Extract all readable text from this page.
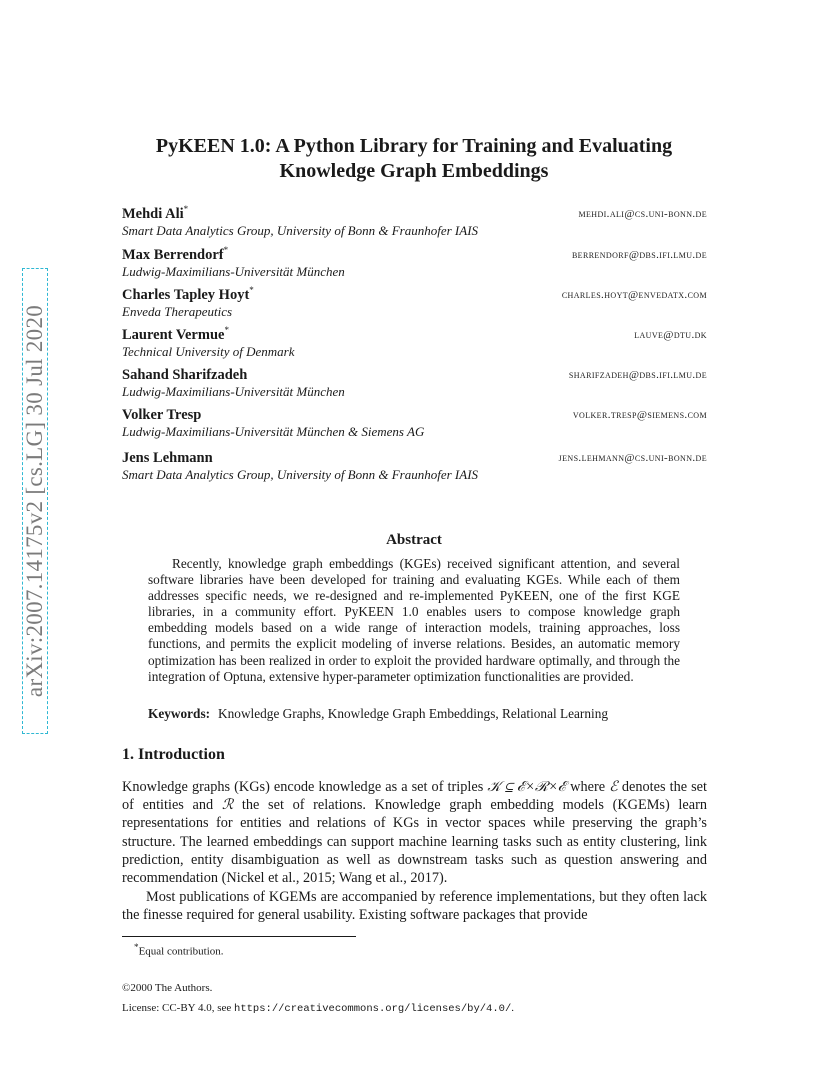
arXiv:2007.14175v2 [cs.LG] 30 Jul 2020
PyKEEN 1.0: A Python Library for Training and Evaluating
Knowledge Graph Embeddings
Mehdi Ali*	mehdi.ali@cs.uni-bonn.de
Smart Data Analytics Group, University of Bonn & Fraunhofer IAIS
Max Berrendorf*	berrendorf@dbs.ifi.lmu.de
Ludwig-Maximilians-Universität München
Charles Tapley Hoyt*	charles.hoyt@envedatx.com
Enveda Therapeutics
Laurent Vermue*	lauve@dtu.dk
Technical University of Denmark
Sahand Sharifzadeh	sharifzadeh@dbs.ifi.lmu.de
Ludwig-Maximilians-Universität München
Volker Tresp	volker.tresp@siemens.com
Ludwig-Maximilians-Universität München & Siemens AG
Jens Lehmann	jens.lehmann@cs.uni-bonn.de
Smart Data Analytics Group, University of Bonn & Fraunhofer IAIS
Abstract
Recently, knowledge graph embeddings (KGEs) received significant attention, and several software libraries have been developed for training and evaluating KGEs. While each of them addresses specific needs, we re-designed and re-implemented PyKEEN, one of the first KGE libraries, in a community effort. PyKEEN 1.0 enables users to compose knowledge graph embedding models based on a wide range of interaction models, training approaches, loss functions, and permits the explicit modeling of inverse relations. Besides, an automatic memory optimization has been realized in order to exploit the provided hardware optimally, and through the integration of Optuna, extensive hyper-parameter optimization functionalities are provided.
Keywords: Knowledge Graphs, Knowledge Graph Embeddings, Relational Learning
1. Introduction
Knowledge graphs (KGs) encode knowledge as a set of triples 𝒦 ⊆ ℰ×ℛ×ℰ where ℰ denotes the set of entities and ℛ the set of relations. Knowledge graph embedding models (KGEMs) learn representations for entities and relations of KGs in vector spaces while preserving the graph’s structure. The learned embeddings can support machine learning tasks such as entity clustering, link prediction, entity disambiguation as well as downstream tasks such as question answering and recommendation (Nickel et al., 2015; Wang et al., 2017).
Most publications of KGEMs are accompanied by reference implementations, but they often lack the finesse required for general usability. Existing software packages that provide
*Equal contribution.
©2000 The Authors.
License: CC-BY 4.0, see https://creativecommons.org/licenses/by/4.0/.
